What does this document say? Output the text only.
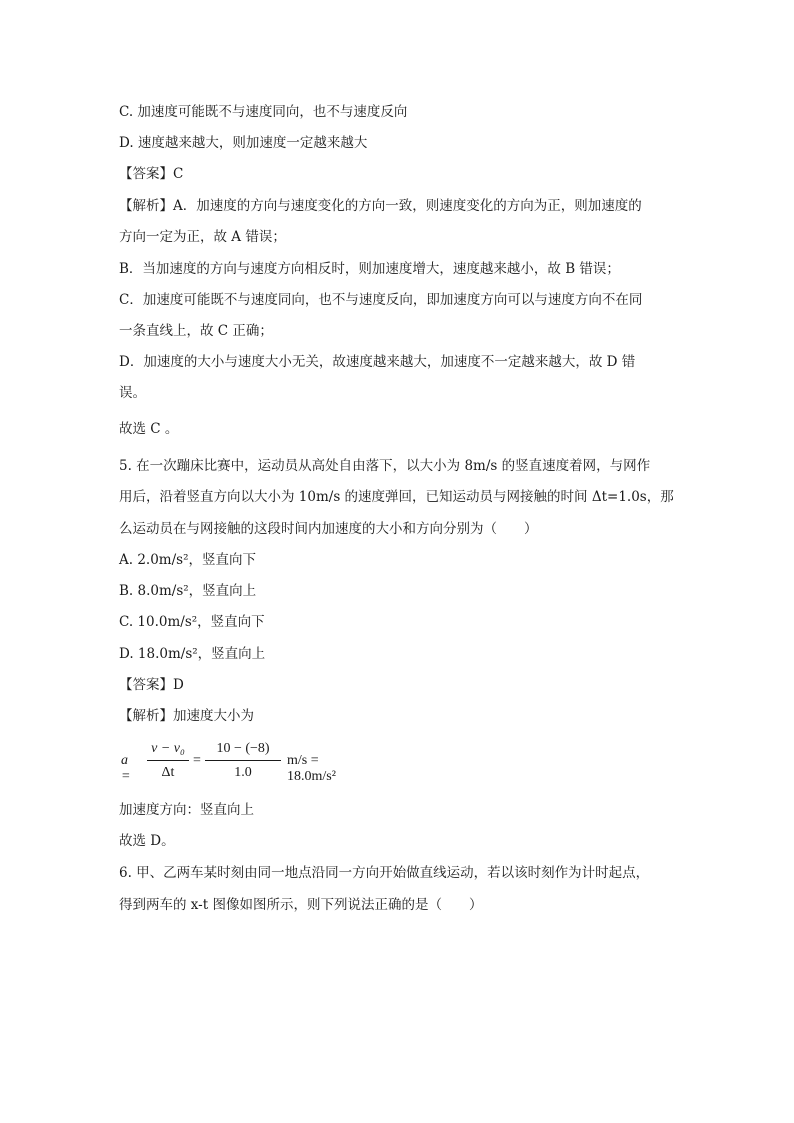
C. 加速度可能既不与速度同向，也不与速度反向
D. 速度越来越大，则加速度一定越来越大
【答案】C
【解析】A．加速度的方向与速度变化的方向一致，则速度变化的方向为正，则加速度的
方向一定为正，故 A 错误；
B．当加速度的方向与速度方向相反时，则加速度增大，速度越来越小，故 B 错误；
C．加速度可能既不与速度同向，也不与速度反向，即加速度方向可以与速度方向不在同
一条直线上，故 C 正确；
D．加速度的大小与速度大小无关，故速度越来越大，加速度不一定越来越大，故 D 错
误。
故选 C 。
5. 在一次蹦床比赛中，运动员从高处自由落下，以大小为 8m/s 的竖直速度着网，与网作
用后，沿着竖直方向以大小为 10m/s 的速度弹回，已知运动员与网接触的时间 Δt=1.0s，那
么运动员在与网接触的这段时间内加速度的大小和方向分别为（　　）
A. 2.0m/s²，竖直向下
B. 8.0m/s²，竖直向上
C. 10.0m/s²，竖直向下
D. 18.0m/s²，竖直向上
【答案】D
【解析】加速度大小为
a =
v − v₀
Δt
=
10 − (−8)
1.0
m/s = 18.0m/s²
加速度方向：竖直向上
故选 D。
6. 甲、乙两车某时刻由同一地点沿同一方向开始做直线运动，若以该时刻作为计时起点，
得到两车的 x-t 图像如图所示，则下列说法正确的是（　　）
